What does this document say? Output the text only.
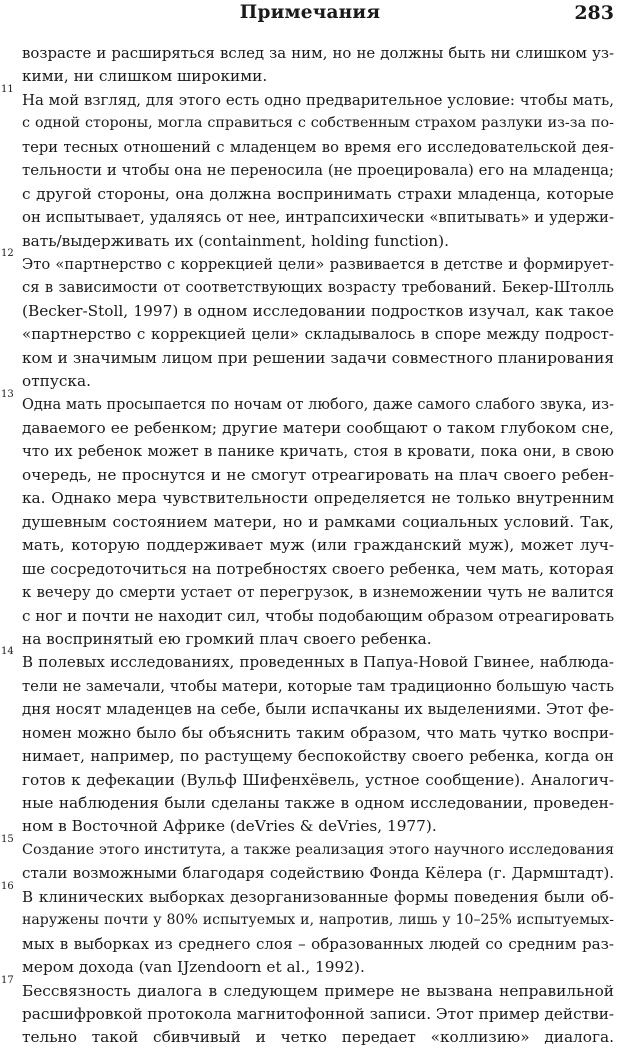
Примечания	283
возрасте и расширяться вслед за ним, но не должны быть ни слишком уз-
кими, ни слишком широкими.
11
На мой взгляд, для этого есть одно предварительное условие: чтобы мать,
с одной стороны, могла справиться с собственным страхом разлуки из-за по-
тери тесных отношений с младенцем во время его исследовательской дея-
тельности и чтобы она не переносила (не проецировала) его на младенца;
с другой стороны, она должна воспринимать страхи младенца, которые
он испытывает, удаляясь от нее, интрапсихически «впитывать» и удержи-
вать/выдерживать их (containment, holding function).
12
Это «партнерство с коррекцией цели» развивается в детстве и формирует-
ся в зависимости от соответствующих возрасту требований. Бекер-Штолль
(Becker-Stoll, 1997) в одном исследовании подростков изучал, как такое
«партнерство с коррекцией цели» складывалось в споре между подрост-
ком и значимым лицом при решении задачи совместного планирования
отпуска.
13
Одна мать просыпается по ночам от любого, даже самого слабого звука, из-
даваемого ее ребенком; другие матери сообщают о таком глубоком сне,
что их ребенок может в панике кричать, стоя в кровати, пока они, в свою
очередь, не проснутся и не смогут отреагировать на плач своего ребен-
ка. Однако мера чувствительности определяется не только внутренним
душевным состоянием матери, но и рамками социальных условий. Так,
мать, которую поддерживает муж (или гражданский муж), может луч-
ше сосредоточиться на потребностях своего ребенка, чем мать, которая
к вечеру до смерти устает от перегрузок, в изнеможении чуть не валится
с ног и почти не находит сил, чтобы подобающим образом отреагировать
на воспринятый ею громкий плач своего ребенка.
14
В полевых исследованиях, проведенных в Папуа-Новой Гвинее, наблюда-
тели не замечали, чтобы матери, которые там традиционно большую часть
дня носят младенцев на себе, были испачканы их выделениями. Этот фе-
номен можно было бы объяснить таким образом, что мать чутко воспри-
нимает, например, по растущему беспокойству своего ребенка, когда он
готов к дефекации (Вульф Шифенхёвель, устное сообщение). Аналогич-
ные наблюдения были сделаны также в одном исследовании, проведен-
ном в Восточной Африке (deVries & deVries, 1977).
15
Создание этого института, а также реализация этого научного исследования
стали возможными благодаря содействию Фонда Кёлера (г. Дармштадт).
16
В клинических выборках дезорганизованные формы поведения были об-
наружены почти у 80% испытуемых и, напротив, лишь у 10–25% испытуемых-
мых в выборках из среднего слоя – образованных людей со средним раз-
мером дохода (van IJzendoorn et al., 1992).
17
Бессвязность диалога в следующем примере не вызвана неправильной
расшифровкой протокола магнитофонной записи. Этот пример действи-
тельно такой сбивчивый и четко передает «коллизию» диалога.
